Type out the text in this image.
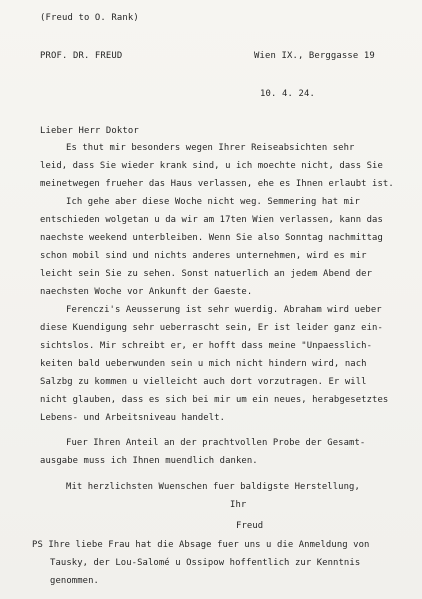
(Freud to O. Rank)
PROF. DR. FREUD	Wien IX., Berggasse 19
10. 4. 24.
Lieber Herr Doktor
Es thut mir besonders wegen Ihrer Reiseabsichten sehr
leid, dass Sie wieder krank sind, u ich moechte nicht, dass Sie
meinetwegen frueher das Haus verlassen, ehe es Ihnen erlaubt ist.
Ich gehe aber diese Woche nicht weg. Semmering hat mir
entschieden wolgetan u da wir am 17ten Wien verlassen, kann das
naechste weekend unterbleiben. Wenn Sie also Sonntag nachmittag
schon mobil sind und nichts anderes unternehmen, wird es mir
leicht sein Sie zu sehen. Sonst natuerlich an jedem Abend der
naechsten Woche vor Ankunft der Gaeste.
Ferenczi's Aeusserung ist sehr wuerdig. Abraham wird ueber
diese Kuendigung sehr ueberrascht sein, Er ist leider ganz ein-
sichtslos. Mir schreibt er, er hofft dass meine "Unpaesslich-
keiten bald ueberwunden sein u mich nicht hindern wird, nach
Salzbg zu kommen u vielleicht auch dort vorzutragen. Er will
nicht glauben, dass es sich bei mir um ein neues, herabgesetztes
Lebens- und Arbeitsniveau handelt.
Fuer Ihren Anteil an der prachtvollen Probe der Gesamt-
ausgabe muss ich Ihnen muendlich danken.
Mit herzlichsten Wuenschen fuer baldigste Herstellung,
Ihr
Freud
PS Ihre liebe Frau hat die Absage fuer uns u die Anmeldung von
Tausky, der Lou-Salomé u Ossipow hoffentlich zur Kenntnis
genommen.
